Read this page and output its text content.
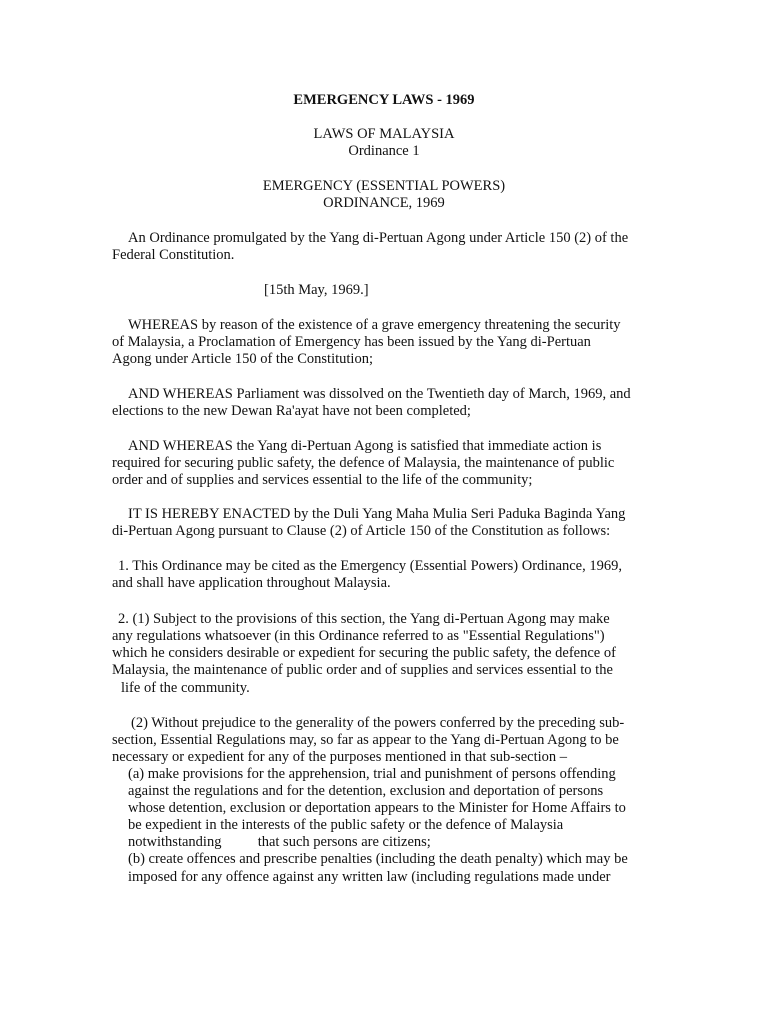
EMERGENCY LAWS - 1969
LAWS OF MALAYSIA
Ordinance 1
EMERGENCY (ESSENTIAL POWERS)
ORDINANCE, 1969
An Ordinance promulgated by the Yang di-Pertuan Agong under Article 150 (2) of the
Federal Constitution.
[15th May, 1969.]
WHEREAS by reason of the existence of a grave emergency threatening the security
of Malaysia, a Proclamation of Emergency has been issued by the Yang di-Pertuan
Agong under Article 150 of the Constitution;
AND WHEREAS Parliament was dissolved on the Twentieth day of March, 1969, and
elections to the new Dewan Ra'ayat have not been completed;
AND WHEREAS the Yang di-Pertuan Agong is satisfied that immediate action is
required for securing public safety, the defence of Malaysia, the maintenance of public
order and of supplies and services essential to the life of the community;
IT IS HEREBY ENACTED by the Duli Yang Maha Mulia Seri Paduka Baginda Yang
di-Pertuan Agong pursuant to Clause (2) of Article 150 of the Constitution as follows:
1. This Ordinance may be cited as the Emergency (Essential Powers) Ordinance, 1969,
and shall have application throughout Malaysia.
2. (1) Subject to the provisions of this section, the Yang di-Pertuan Agong may make
any regulations whatsoever (in this Ordinance referred to as "Essential Regulations")
which he considers desirable or expedient for securing the public safety, the defence of
Malaysia, the maintenance of public order and of supplies and services essential to the
life of the community.
(2) Without prejudice to the generality of the powers conferred by the preceding sub-
section, Essential Regulations may, so far as appear to the Yang di-Pertuan Agong to be
necessary or expedient for any of the purposes mentioned in that sub-section –
(a) make provisions for the apprehension, trial and punishment of persons offending
against the regulations and for the detention, exclusion and deportation of persons
whose detention, exclusion or deportation appears to the Minister for Home Affairs to
be expedient in the interests of the public safety or the defence of Malaysia
notwithstanding          that such persons are citizens;
(b) create offences and prescribe penalties (including the death penalty) which may be
imposed for any offence against any written law (including regulations made under
